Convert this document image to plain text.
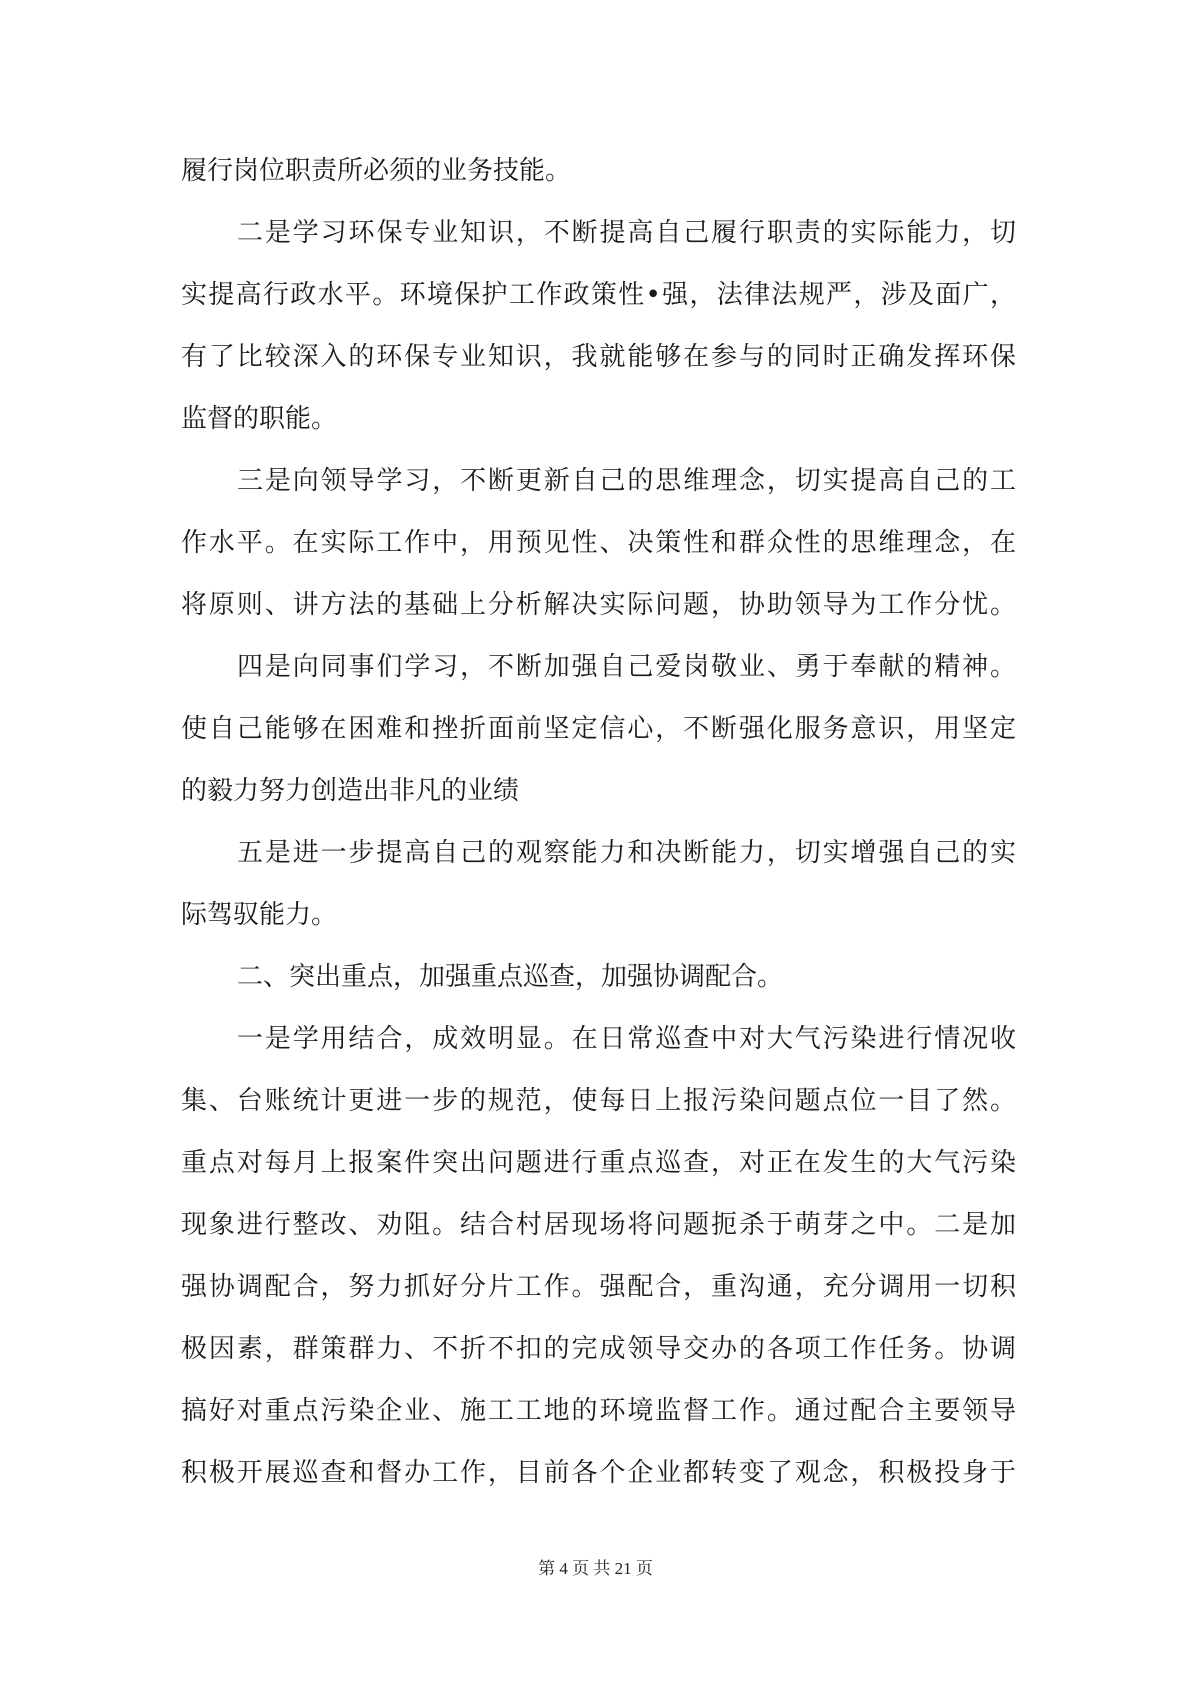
履行岗位职责所必须的业务技能。
二是学习环保专业知识，不断提高自己履行职责的实际能力，切
实提高行政水平。环境保护工作政策性•强，法律法规严，涉及面广，
有了比较深入的环保专业知识，我就能够在参与的同时正确发挥环保
监督的职能。
三是向领导学习，不断更新自己的思维理念，切实提高自己的工
作水平。在实际工作中，用预见性、决策性和群众性的思维理念，在
将原则、讲方法的基础上分析解决实际问题，协助领导为工作分忧。
四是向同事们学习，不断加强自己爱岗敬业、勇于奉献的精神。
使自己能够在困难和挫折面前坚定信心，不断强化服务意识，用坚定
的毅力努力创造出非凡的业绩
五是进一步提高自己的观察能力和决断能力，切实增强自己的实
际驾驭能力。
二、突出重点，加强重点巡查，加强协调配合。
一是学用结合，成效明显。在日常巡查中对大气污染进行情况收
集、台账统计更进一步的规范，使每日上报污染问题点位一目了然。
重点对每月上报案件突出问题进行重点巡查，对正在发生的大气污染
现象进行整改、劝阻。结合村居现场将问题扼杀于萌芽之中。二是加
强协调配合，努力抓好分片工作。强配合，重沟通，充分调用一切积
极因素，群策群力、不折不扣的完成领导交办的各项工作任务。协调
搞好对重点污染企业、施工工地的环境监督工作。通过配合主要领导
积极开展巡查和督办工作，目前各个企业都转变了观念，积极投身于
第 4 页 共 21 页
